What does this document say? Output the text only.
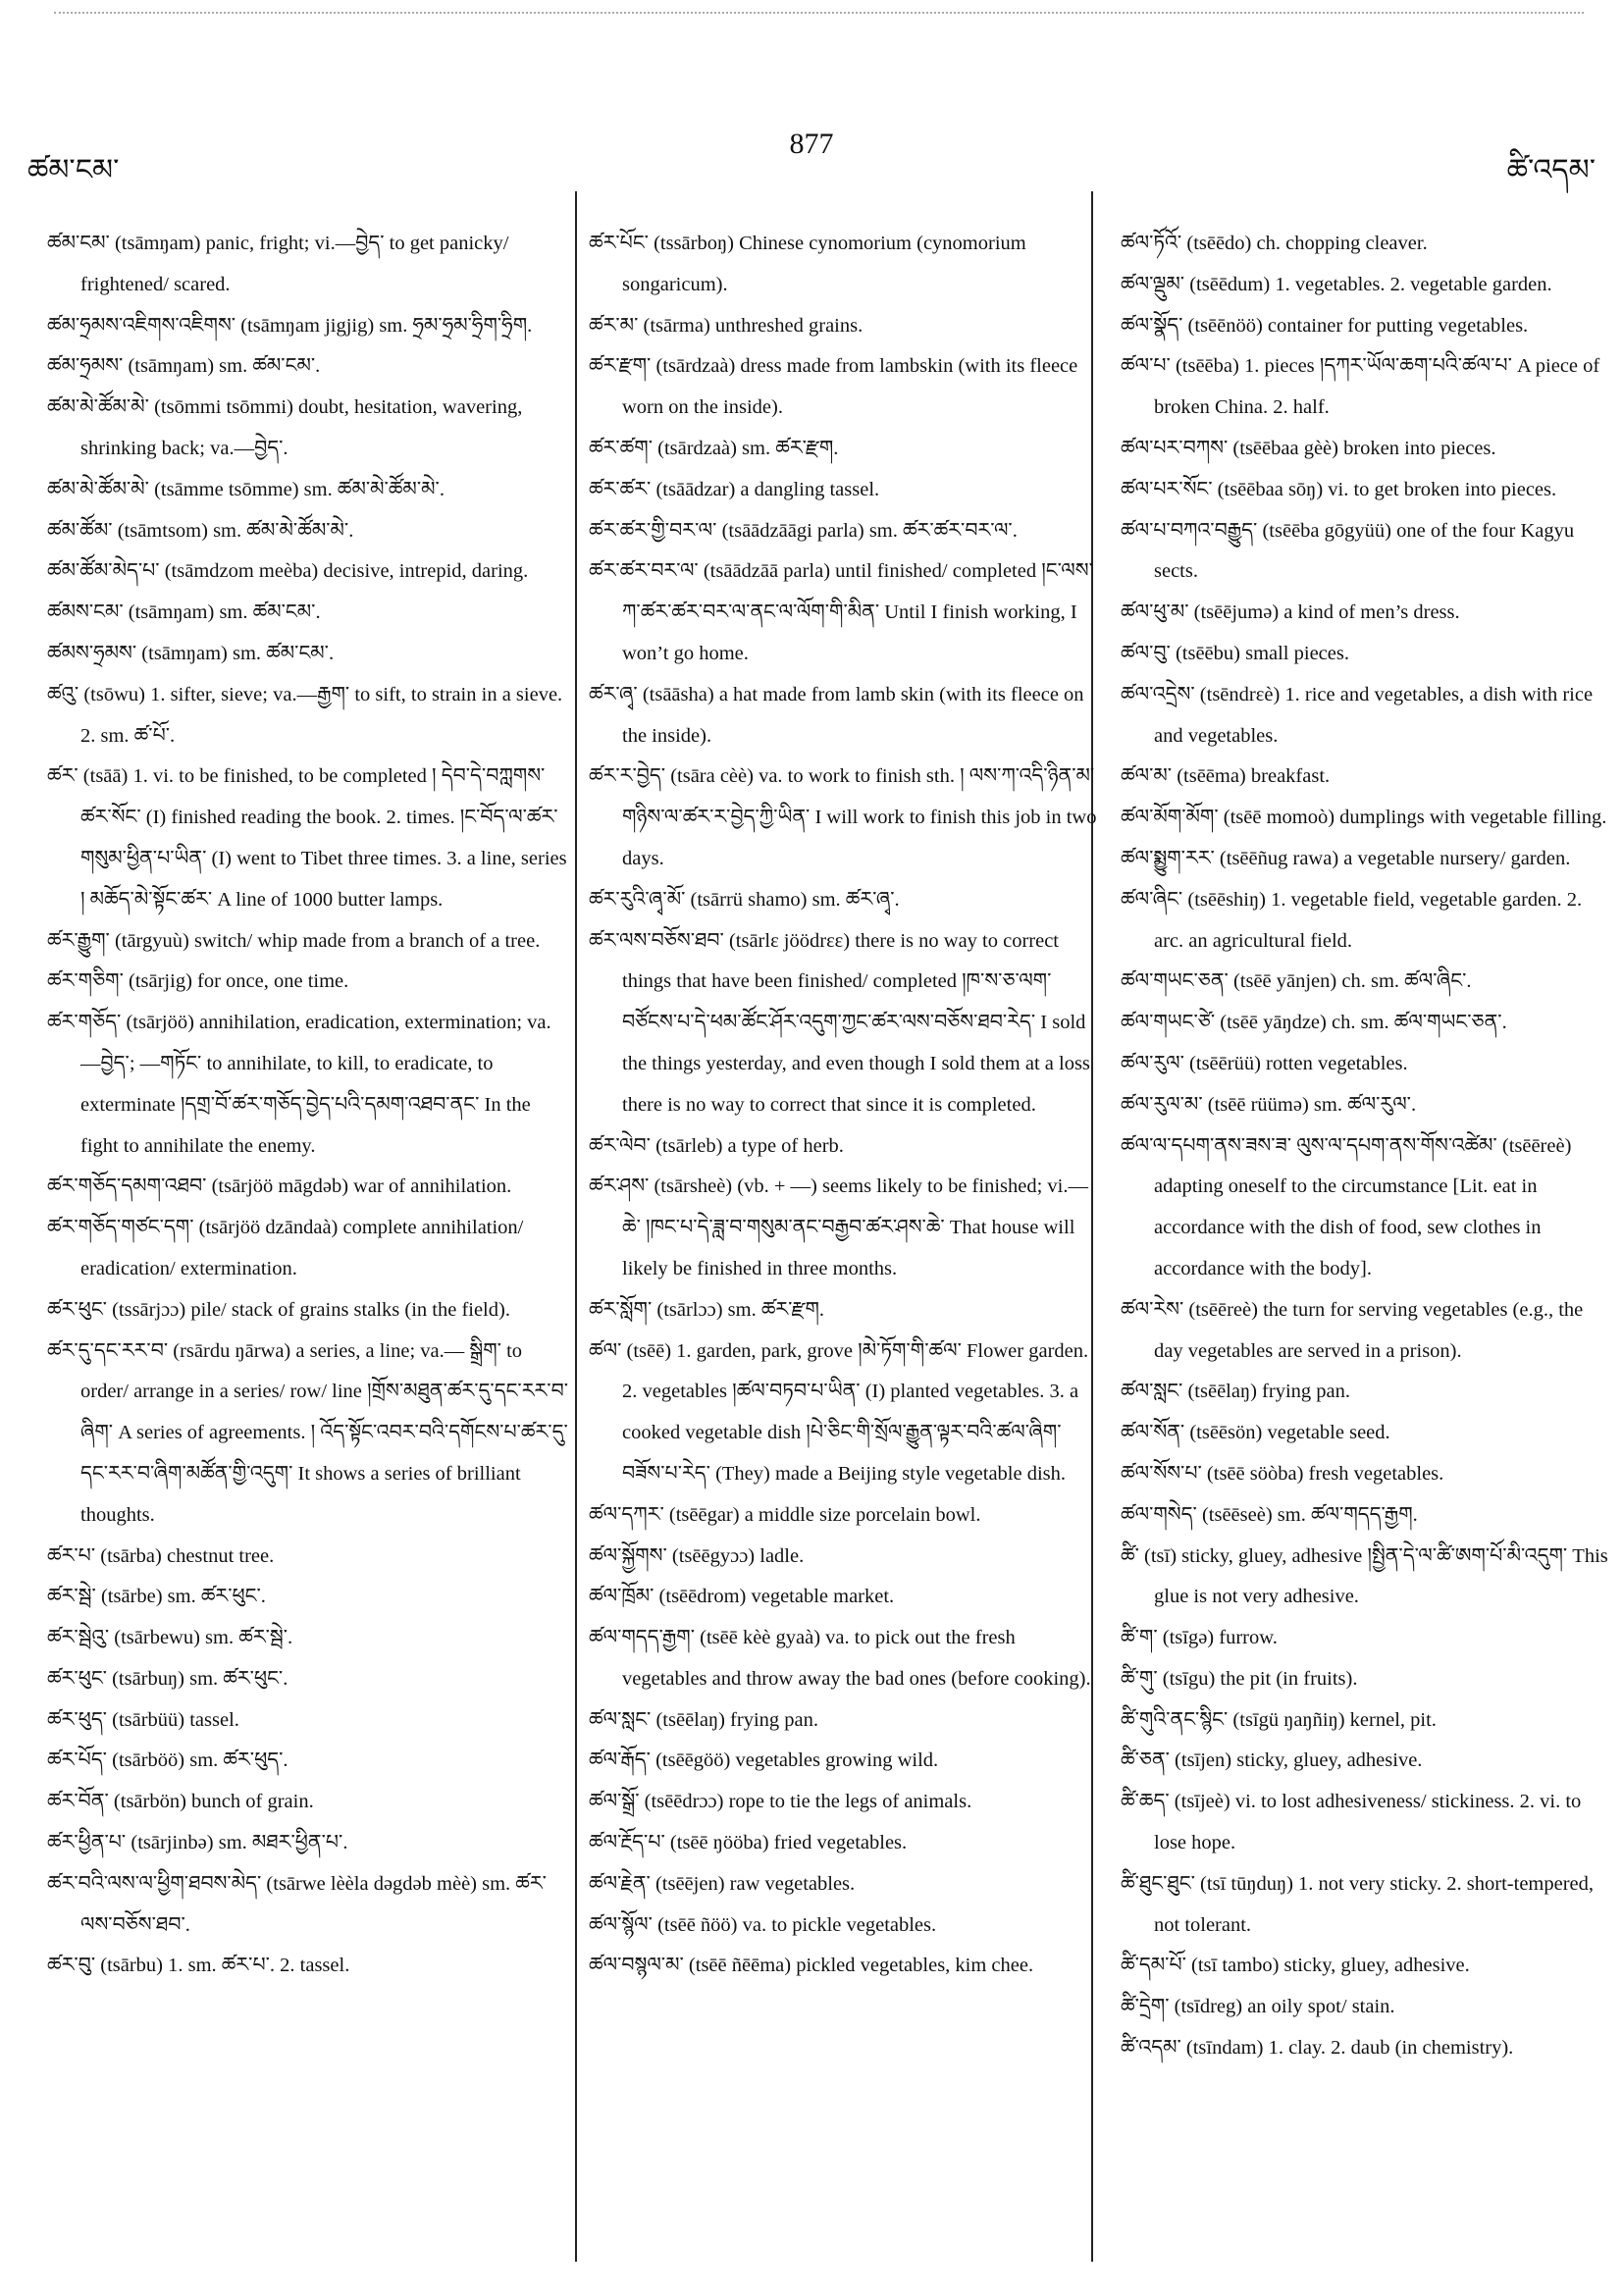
ཚམ་ངམ་
877
ཚི་འདམ་

ཚམ་ངམ་ (tsāmŋam) panic, fright; vi.—བྱེད་ to get panicky/ frightened/ scared.

ཚམ་ཧྲམས་འཇིགས་འཇིགས་ (tsāmŋam jigjig) sm. ཧྲམ་ཧྲམ་ཧྲིག་ཧྲིག.

ཚམ་ཧྲམས་ (tsāmŋam) sm. ཚམ་ངམ་.

ཚམ་མེ་ཚོམ་མེ་ (tsōmmi tsōmmi) doubt, hesitation, wavering, shrinking back; va.—བྱེད་.

ཚམ་མེ་ཚོམ་མེ་ (tsāmme tsōmme) sm. ཚམ་མེ་ཚོམ་མེ་.

ཚམ་ཚོམ་ (tsāmtsom) sm. ཚམ་མེ་ཚོམ་མེ་.

ཚམ་ཚོམ་མེད་པ་ (tsāmdzom meèba) decisive, intrepid, daring.

ཚམས་ངམ་ (tsāmŋam) sm. ཚམ་ངམ་.

ཚམས་ཧྲམས་ (tsāmŋam) sm. ཚམ་ངམ་.

ཚའུ་ (tsōwu) 1. sifter, sieve; va.—རྒྱག་ to sift, to strain in a sieve. 2. sm. ཚ་པོ་.

ཚར་ (tsāā) 1. vi. to be finished, to be completed ། དེབ་དེ་བཀླགས་ཚར་སོང་ (I) finished reading the book. 2. times. །ང་བོད་ལ་ཚར་གསུམ་ཕྱིན་པ་ཡིན་ (I) went to Tibet three times. 3. a line, series ། མཆོད་མེ་སྟོང་ཚར་ A line of 1000 butter lamps.

ཚར་རྒྱུག་ (tārgyuù) switch/ whip made from a branch of a tree.

ཚར་གཅིག་ (tsārjig) for once, one time.

ཚར་གཅོད་ (tsārjöö) annihilation, eradication, extermination; va.—བྱེད་; —གཏོང་ to annihilate, to kill, to eradicate, to exterminate །དགྲ་བོ་ཚར་གཅོད་བྱེད་པའི་དམག་འཐབ་ནང་ In the fight to annihilate the enemy.

ཚར་གཅོད་དམག་འཐབ་ (tsārjöö māgdəb) war of annihilation.

ཚར་གཅོད་གཙང་དག་ (tsārjöö dzāndaà) complete annihilation/ eradication/ extermination.

ཚར་ཕུང་ (tssārjɔɔ) pile/ stack of grains stalks (in the field).

ཚར་དུ་དང་རར་བ་ (rsārdu ŋārwa) a series, a line; va.— སྒྲིག་ to order/ arrange in a series/ row/ line །གྲོས་མཐུན་ཚར་དུ་དང་རར་བ་ཞིག་ A series of agreements. ། འོད་སྟོང་འབར་བའི་དགོངས་པ་ཚར་དུ་དང་རར་བ་ཞིག་མཚོན་གྱི་འདུག་ It shows a series of brilliant thoughts.

ཚར་པ་ (tsārba) chestnut tree.

ཚར་སྦེ་ (tsārbe) sm. ཚར་ཕུང་.

ཚར་སྦེའུ་ (tsārbewu) sm. ཚར་སྦེ་.

ཚར་ཕུང་ (tsārbuŋ) sm. ཚར་ཕུང་.

ཚར་ཕུད་ (tsārbüü) tassel.

ཚར་པོད་ (tsārböö) sm. ཚར་ཕུད་.

ཚར་བོན་ (tsārbön) bunch of grain.

ཚར་ཕྱིན་པ་ (tsārjinbə) sm. མཐར་ཕྱིན་པ་.

ཚར་བའི་ལས་ལ་ཕྱིག་ཐབས་མེད་ (tsārwe lèèla dəgdəb mèè) sm. ཚར་ལས་བཅོས་ཐབ་.

ཚར་བུ་ (tsārbu) 1. sm. ཚར་པ་. 2. tassel.

ཚར་པོང་ (tssārboŋ) Chinese cynomorium (cynomorium songaricum).

ཚར་མ་ (tsārma) unthreshed grains.

ཚར་རྫག་ (tsārdzaà) dress made from lambskin (with its fleece worn on the inside).

ཚར་ཚག་ (tsārdzaà) sm. ཚར་རྫག.

ཚར་ཚར་ (tsāādzar) a dangling tassel.

ཚར་ཚར་གྱི་བར་ལ་ (tsāādzāāgi parla) sm. ཚར་ཚར་བར་ལ་.

ཚར་ཚར་བར་ལ་ (tsāādzāā parla) until finished/ completed །ང་ལས་ཀ་ཚར་ཚར་བར་ལ་ནང་ལ་ལོག་གི་མིན་ Until I finish working, I won’t go home.

ཚར་ཞྭ་ (tsāāsha) a hat made from lamb skin (with its fleece on the inside).

ཚར་ར་བྱེད་ (tsāra cèè) va. to work to finish sth. ། ལས་ཀ་འདི་ཉིན་མ་གཉིས་ལ་ཚར་ར་བྱེད་ཀྱི་ཡིན་ I will work to finish this job in two days.

ཚར་རུའི་ཞྭ་མོ་ (tsārrü shamo) sm. ཚར་ཞྭ་.

ཚར་ལས་བཅོས་ཐབ་ (tsārlε jöödrεε) there is no way to correct things that have been finished/ completed །ཁ་ས་ཅ་ལག་བཙོངས་པ་དེ་ཕམ་ཚོང་ཤོར་འདུག་ཀྱང་ཚར་ལས་བཅོས་ཐབ་རེད་ I sold the things yesterday, and even though I sold them at a loss there is no way to correct that since it is completed.

ཚར་ལེབ་ (tsārleb) a type of herb.

ཚར་ཤས་ (tsārsheè) (vb. + —) seems likely to be finished; vi.—ཆེ་ །ཁང་པ་དེ་ཟླ་བ་གསུམ་ནང་བརྒྱབ་ཚར་ཤས་ཆེ་ That house will likely be finished in three months.

ཚར་སློག་ (tsārlɔɔ) sm. ཚར་རྫག.

ཚལ་ (tsēē) 1. garden, park, grove །མེ་ཏོག་གི་ཚལ་ Flower garden. 2. vegetables །ཚལ་བཏབ་པ་ཡིན་ (I) planted vegetables. 3. a cooked vegetable dish །པེ་ཅིང་གི་སྲོལ་རྒྱུན་ལྟར་བའི་ཚལ་ཞིག་བཟོས་པ་རེད་ (They) made a Beijing style vegetable dish.

ཚལ་དཀར་ (tsēēgar) a middle size porcelain bowl.

ཚལ་སྐྱོགས་ (tsēēgyɔɔ) ladle.

ཚལ་ཁྲོམ་ (tsēēdrom) vegetable market.

ཚལ་གདད་རྒྱག་ (tsēē kèè gyaà) va. to pick out the fresh vegetables and throw away the bad ones (before cooking).

ཚལ་སླང་ (tsēēlaŋ) frying pan.

ཚལ་རྒོད་ (tsēēgöö) vegetables growing wild.

ཚལ་སྒྲོ་ (tsēēdrɔɔ) rope to tie the legs of animals.

ཚལ་རྔོད་པ་ (tsēē ŋööba) fried vegetables.

ཚལ་རྗེན་ (tsēējen) raw vegetables.

ཚལ་སྙོལ་ (tsēē ñöö) va. to pickle vegetables.

ཚལ་བསྙལ་མ་ (tsēē ñēēma) pickled vegetables, kim chee.

ཚལ་ཏོའོ་ (tsēēdo) ch. chopping cleaver.

ཚལ་ལྡུམ་ (tsēēdum) 1. vegetables. 2. vegetable garden.

ཚལ་སྣོད་ (tsēēnöö) container for putting vegetables.

ཚལ་པ་ (tsēēba) 1. pieces །དཀར་ཡོལ་ཆག་པའི་ཚལ་པ་ A piece of broken China. 2. half.

ཚལ་པར་བཀས་ (tsēēbaa gèè) broken into pieces.

ཚལ་པར་སོང་ (tsēēbaa sōŋ) vi. to get broken into pieces.

ཚལ་པ་བཀའ་བརྒྱུད་ (tsēēba gōgyüü) one of the four Kagyu sects.

ཚལ་ཕུ་མ་ (tsēējumə) a kind of men’s dress.

ཚལ་བུ་ (tsēēbu) small pieces.

ཚལ་འདྲེས་ (tsēndrεè) 1. rice and vegetables, a dish with rice and vegetables.

ཚལ་མ་ (tsēēma) breakfast.

ཚལ་མོག་མོག་ (tsēē momoò) dumplings with vegetable filling.

ཚལ་སྨྱུག་རར་ (tsēēñug rawa) a vegetable nursery/ garden.

ཚལ་ཞིང་ (tsēēshiŋ) 1. vegetable field, vegetable garden. 2. arc. an agricultural field.

ཚལ་གཡང་ཅན་ (tsēē yānjen) ch. sm. ཚལ་ཞིང་.

ཚལ་གཡང་ཙེ་ (tsēē yāŋdze) ch. sm. ཚལ་གཡང་ཅན་.

ཚལ་རུལ་ (tsēērüü) rotten vegetables.

ཚལ་རུལ་མ་ (tsēē rüümə) sm. ཚལ་རུལ་.

ཚལ་ལ་དཔག་ནས་ཟས་ཟ་ ལུས་ལ་དཔག་ནས་གོས་འཚེམ་ (tsēēreè) adapting oneself to the circumstance [Lit. eat in accordance with the dish of food, sew clothes in accordance with the body].

ཚལ་རེས་ (tsēēreè) the turn for serving vegetables (e.g., the day vegetables are served in a prison).

ཚལ་སླང་ (tsēēlaŋ) frying pan.

ཚལ་སོན་ (tsēēsön) vegetable seed.

ཚལ་སོས་པ་ (tsēē söòba) fresh vegetables.

ཚལ་གསེད་ (tsēēseè) sm. ཚལ་གདད་རྒྱག.

ཚི་ (tsī) sticky, gluey, adhesive །སྤྱིན་དེ་ལ་ཚི་ཨག་པོ་མི་འདུག་ This glue is not very adhesive.

ཚི་ག་ (tsīgə) furrow.

ཚི་གུ་ (tsīgu) the pit (in fruits).

ཚི་གུའི་ནང་སྙིང་ (tsīgü ŋaŋñiŋ) kernel, pit.

ཚི་ཅན་ (tsījen) sticky, gluey, adhesive.

ཚི་ཆད་ (tsījeè) vi. to lost adhesiveness/ stickiness. 2. vi. to lose hope.

ཚི་ཐུང་ཐུང་ (tsī tūŋduŋ) 1. not very sticky. 2. short-tempered, not tolerant.

ཚི་དམ་པོ་ (tsī tambo) sticky, gluey, adhesive.

ཚི་དྲེག་ (tsīdreg) an oily spot/ stain.

ཚི་འདམ་ (tsīndam) 1. clay. 2. daub (in chemistry).
